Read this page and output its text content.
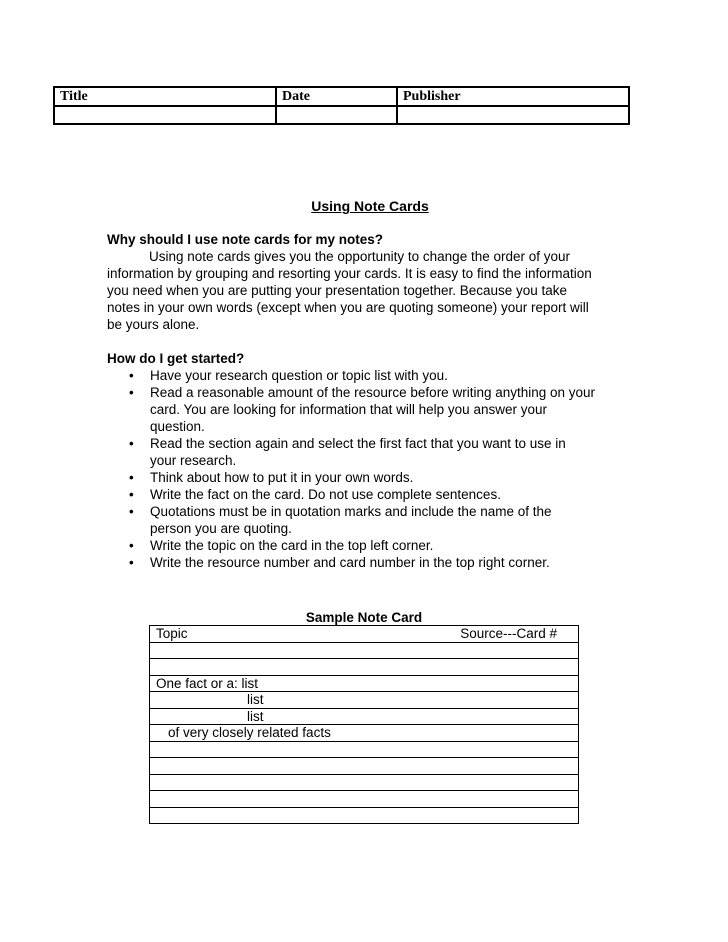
Title	Date	Publisher

Using Note Cards
Why should I use note cards for my notes?
Using note cards gives you the opportunity to change the order of your
information by grouping and resorting your cards. It is easy to find the information
you need when you are putting your presentation together. Because you take
notes in your own words (except when you are quoting someone) your report will
be yours alone.
How do I get started?
• Have your research question or topic list with you.
• Read a reasonable amount of the resource before writing anything on your
card. You are looking for information that will help you answer your
question.
• Read the section again and select the first fact that you want to use in
your research.
• Think about how to put it in your own words.
• Write the fact on the card. Do not use complete sentences.
• Quotations must be in quotation marks and include the name of the
person you are quoting.
• Write the topic on the card in the top left corner.
• Write the resource number and card number in the top right corner.
Sample Note Card
Topic	Source---Card #

One fact or a: list
list
list
of very closely related facts
